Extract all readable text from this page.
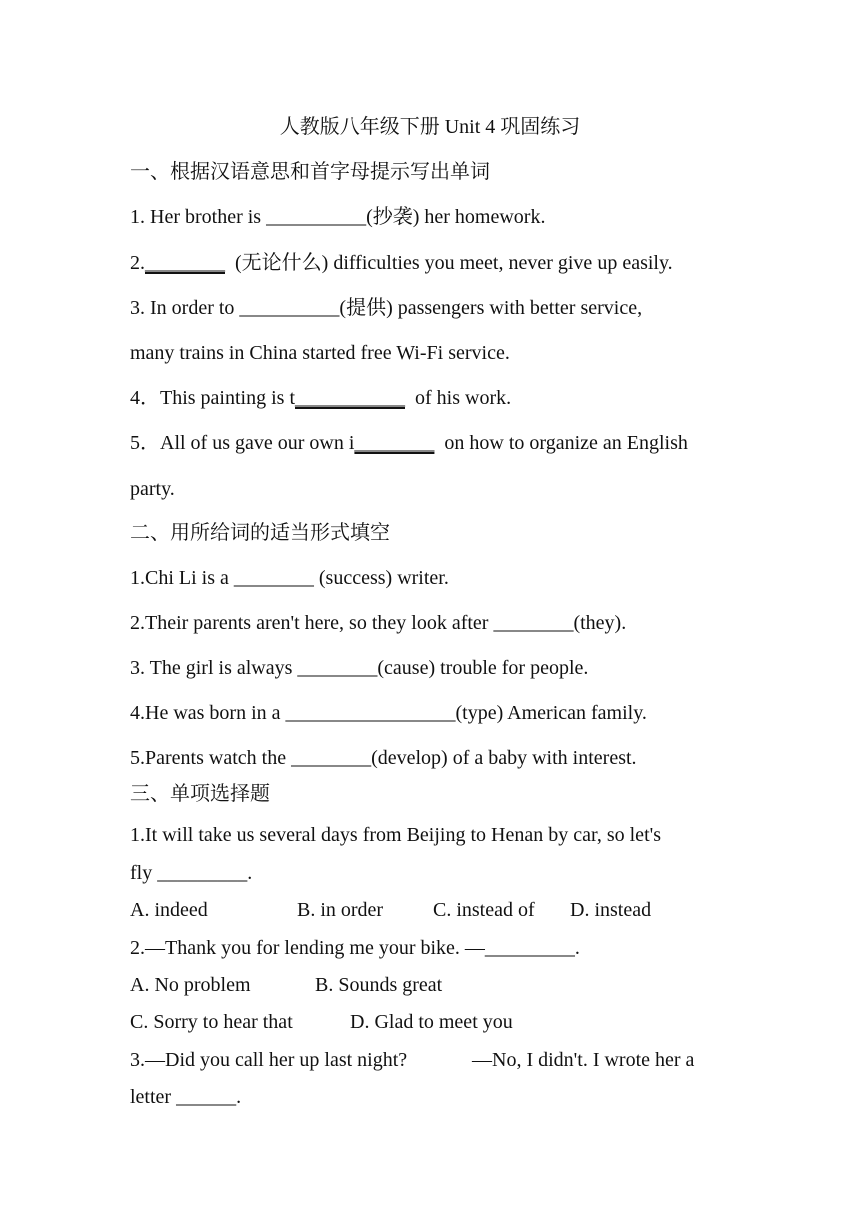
人教版八年级下册 Unit 4 巩固练习
一、根据汉语意思和首字母提示写出单词
1. Her brother is __________(抄袭) her homework.
2.________  (无论什么) difficulties you meet, never give up easily.
3. In order to __________(提供) passengers with better service,
many trains in China started free Wi-Fi service.
4．This painting is t___________  of his work.
5．All of us gave our own i________  on how to organize an English
party.
二、用所给词的适当形式填空
1.Chi Li is a ________ (success) writer.
2.Their parents aren't here, so they look after ________(they).
3. The girl is always ________(cause) trouble for people.
4.He was born in a _________________(type) American family.
5.Parents watch the ________(develop) of a baby with interest.
三、单项选择题
1.It will take us several days from Beijing to Henan by car, so let's
fly _________.
A. indeed	B. in order C. instead of D. instead
2.—Thank you for lending me your bike. —_________.
A. No problem	B. Sounds great
C. Sorry to hear that	D. Glad to meet you
3.—Did you call her up last night?	—No, I didn't. I wrote her a
letter ______.
